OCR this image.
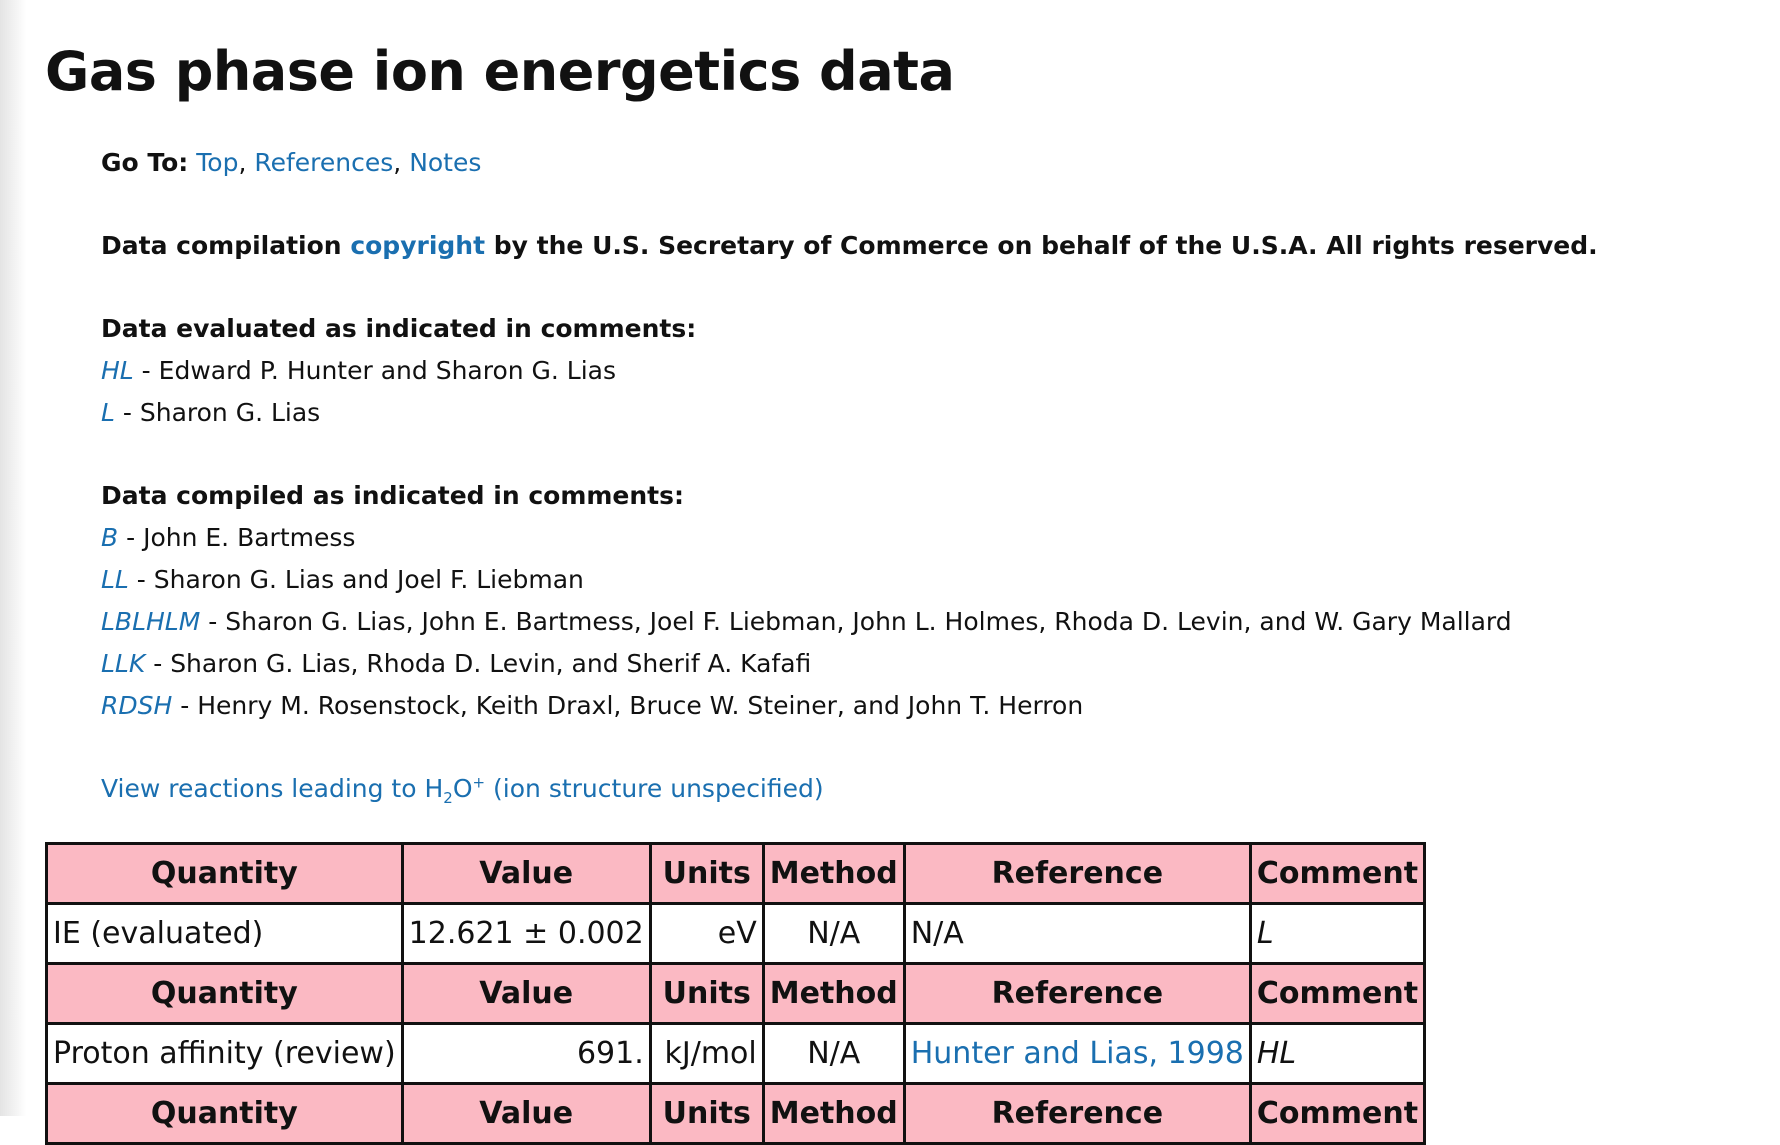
Gas phase ion energetics data
Go To: Top, References, Notes
Data compilation copyright by the U.S. Secretary of Commerce on behalf of the U.S.A. All rights reserved.
Data evaluated as indicated in comments:
HL - Edward P. Hunter and Sharon G. Lias
L - Sharon G. Lias
Data compiled as indicated in comments:
B - John E. Bartmess
LL - Sharon G. Lias and Joel F. Liebman
LBLHLM - Sharon G. Lias, John E. Bartmess, Joel F. Liebman, John L. Holmes, Rhoda D. Levin, and W. Gary Mallard
LLK - Sharon G. Lias, Rhoda D. Levin, and Sherif A. Kafafi
RDSH - Henry M. Rosenstock, Keith Draxl, Bruce W. Steiner, and John T. Herron
View reactions leading to $H_2O^+$ (ion structure unspecified)
Quantity	Value	Units	Method	Reference	Comment
IE (evaluated)	12.621 ± 0.002	eV	N/A	N/A	L
Quantity	Value	Units	Method	Reference	Comment
Proton affinity (review)	691.	kJ/mol	N/A	Hunter and Lias, 1998	HL
Quantity	Value	Units	Method	Reference	Comment
